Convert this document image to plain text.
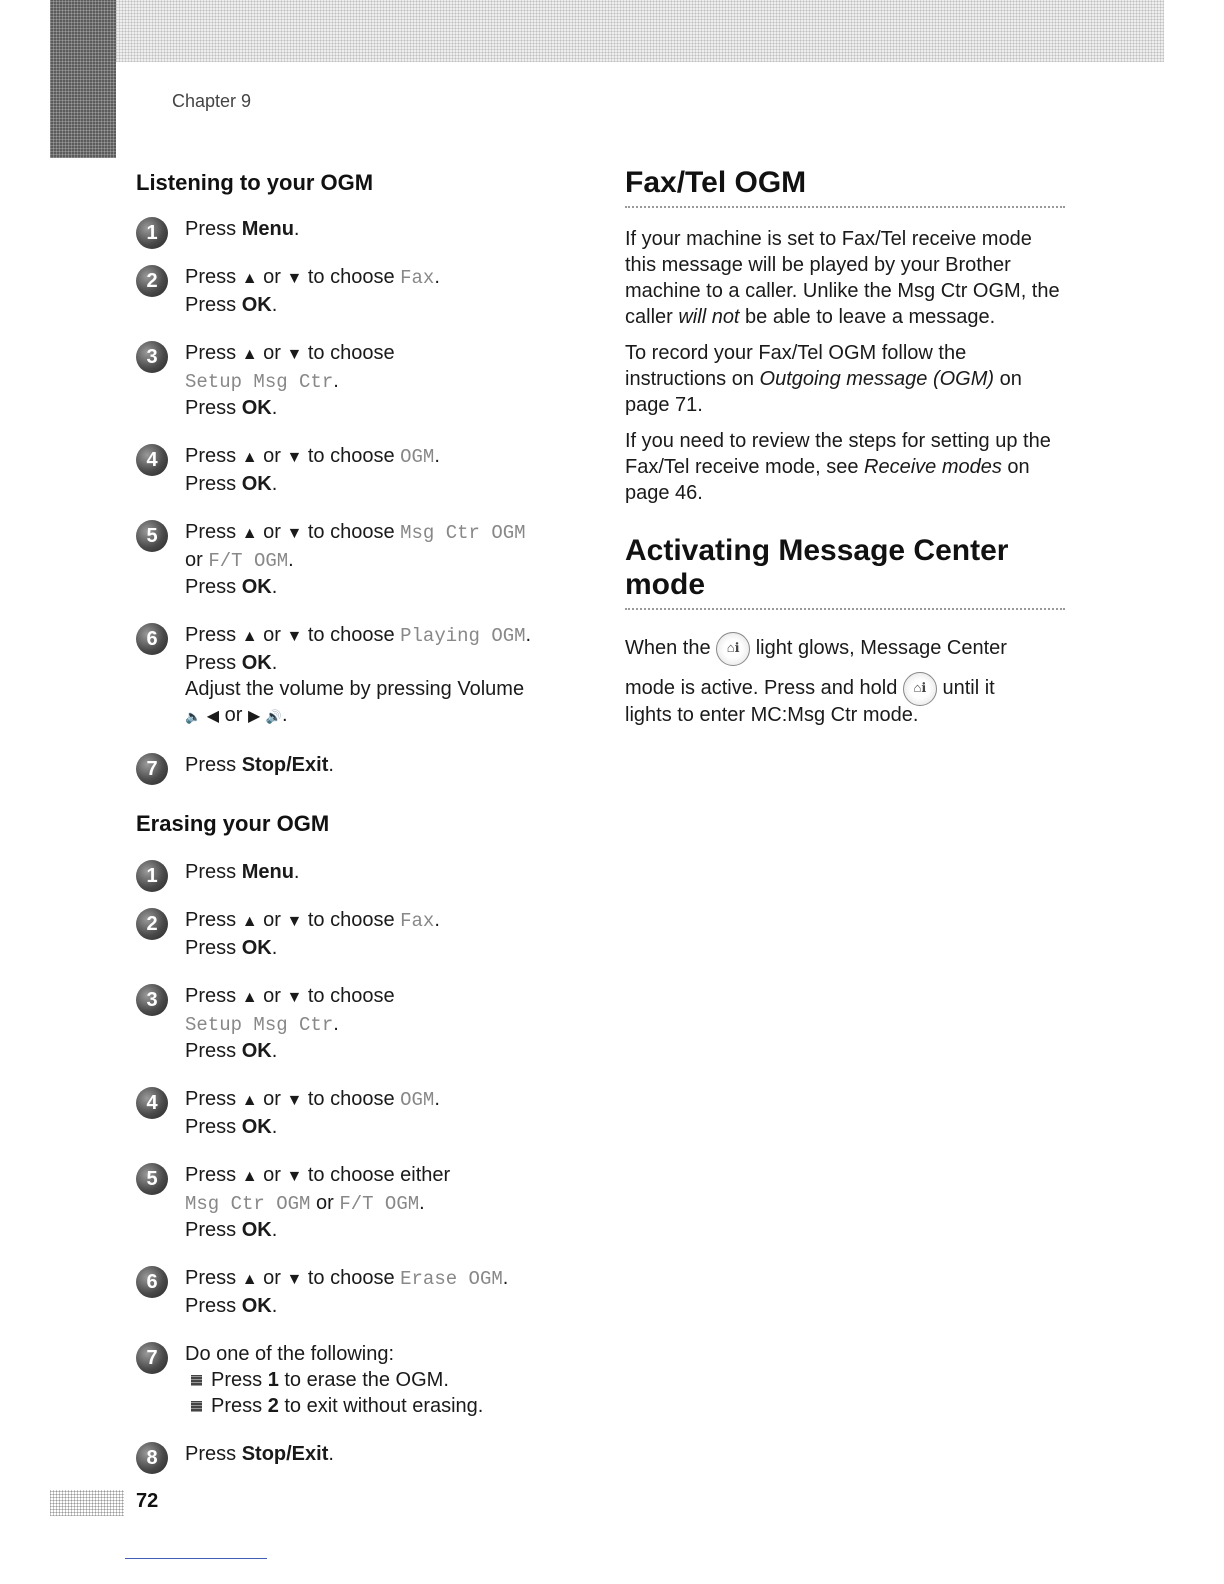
Chapter 9
Listening to your OGM
1	Press Menu.
2	Press ▲ or ▼ to choose Fax.
Press OK.
3	Press ▲ or ▼ to choose
Setup Msg Ctr.
Press OK.
4	Press ▲ or ▼ to choose OGM.
Press OK.
5	Press ▲ or ▼ to choose Msg Ctr OGM
or F/T OGM.
Press OK.
6	Press ▲ or ▼ to choose Playing OGM.
Press OK.
Adjust the volume by pressing Volume
🔈 ◀ or ▶ 🔊.
7	Press Stop/Exit.
Erasing your OGM
1	Press Menu.
2	Press ▲ or ▼ to choose Fax.
Press OK.
3	Press ▲ or ▼ to choose
Setup Msg Ctr.
Press OK.
4	Press ▲ or ▼ to choose OGM.
Press OK.
5	Press ▲ or ▼ to choose either
Msg Ctr OGM or F/T OGM.
Press OK.
6	Press ▲ or ▼ to choose Erase OGM.
Press OK.
7	Do one of the following:
Press 1 to erase the OGM.
Press 2 to exit without erasing.
8	Press Stop/Exit.
Fax/Tel OGM

If your machine is set to Fax/Tel receive mode this message will be played by your Brother machine to a caller. Unlike the Msg Ctr OGM, the caller will not be able to leave a message.

To record your Fax/Tel OGM follow the instructions on Outgoing message (OGM) on page 71.

If you need to review the steps for setting up the Fax/Tel receive mode, see Receive modes on page 46.

Activating Message Center mode

When the ⌂ℹ light glows, Message Center
mode is active. Press and hold ⌂ℹ until it

lights to enter MC:Msg Ctr mode.

72
